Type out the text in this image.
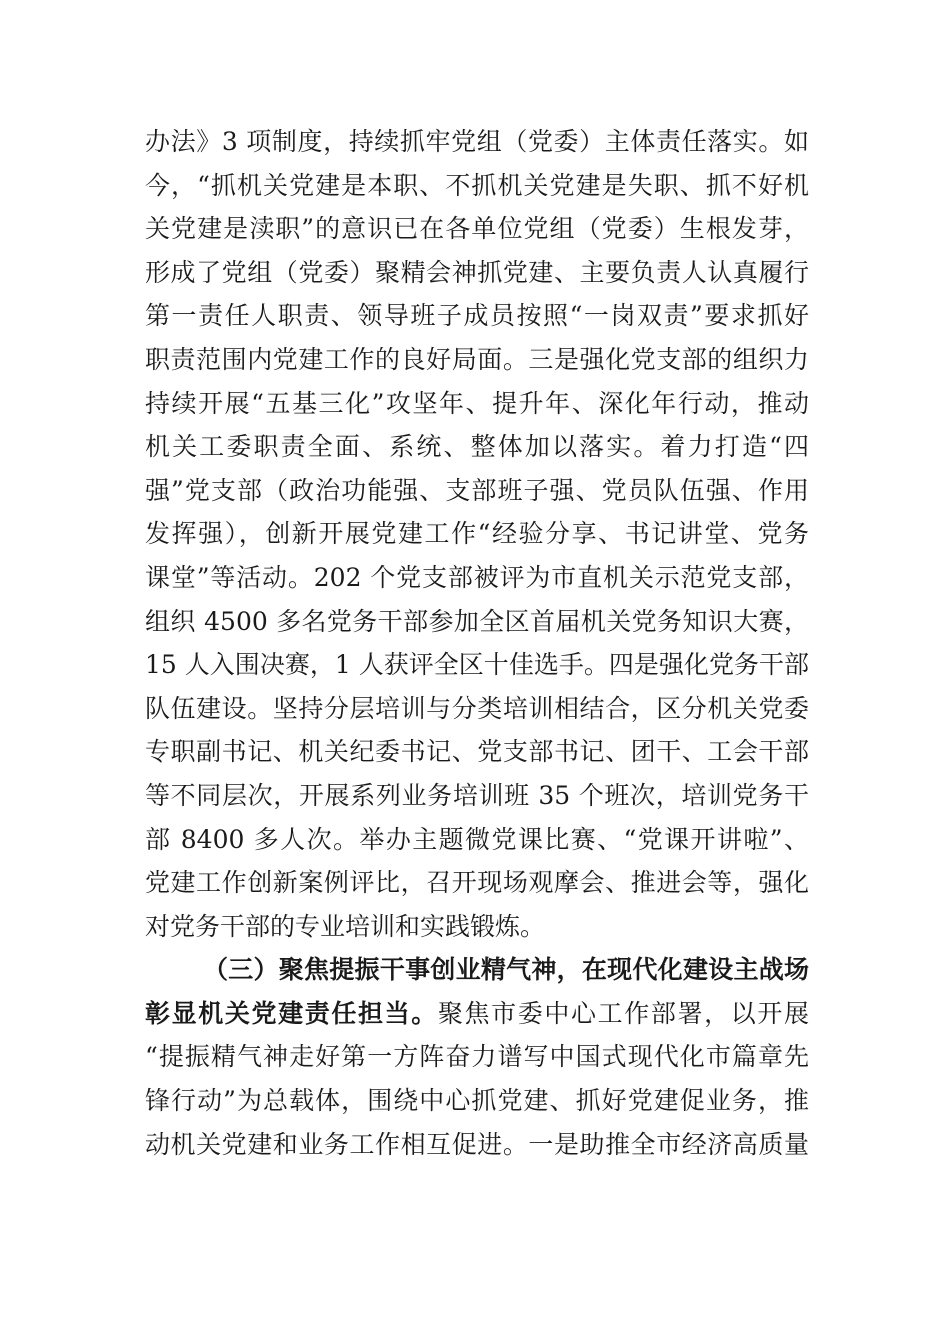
办法》3 项制度，持续抓牢党组（党委）主体责任落实。如
今，“抓机关党建是本职、不抓机关党建是失职、抓不好机
关党建是渎职”的意识已在各单位党组（党委）生根发芽，
形成了党组（党委）聚精会神抓党建、主要负责人认真履行
第一责任人职责、领导班子成员按照“一岗双责”要求抓好
职责范围内党建工作的良好局面。三是强化党支部的组织力
持续开展“五基三化”攻坚年、提升年、深化年行动，推动
机关工委职责全面、系统、整体加以落实。着力打造“四
强”党支部（政治功能强、支部班子强、党员队伍强、作用
发挥强），创新开展党建工作“经验分享、书记讲堂、党务
课堂”等活动。202 个党支部被评为市直机关示范党支部，
组织 4500 多名党务干部参加全区首届机关党务知识大赛，
15 人入围决赛，1 人获评全区十佳选手。四是强化党务干部
队伍建设。坚持分层培训与分类培训相结合，区分机关党委
专职副书记、机关纪委书记、党支部书记、团干、工会干部
等不同层次，开展系列业务培训班 35 个班次，培训党务干
部 8400 多人次。举办主题微党课比赛、“党课开讲啦”、
党建工作创新案例评比，召开现场观摩会、推进会等，强化
对党务干部的专业培训和实践锻炼。
（三）聚焦提振干事创业精气神，在现代化建设主战场
彰显机关党建责任担当。聚焦市委中心工作部署，以开展
“提振精气神走好第一方阵奋力谱写中国式现代化市篇章先
锋行动”为总载体，围绕中心抓党建、抓好党建促业务，推
动机关党建和业务工作相互促进。一是助推全市经济高质量
